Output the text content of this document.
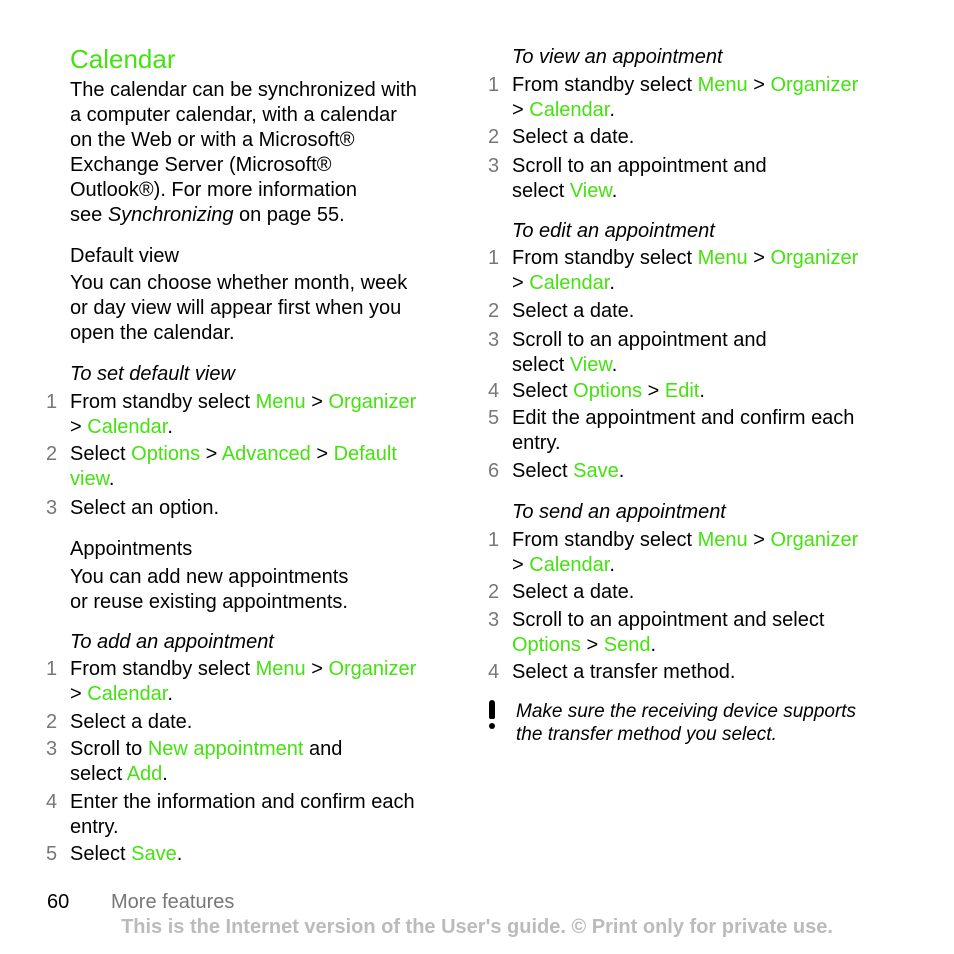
Calendar

The calendar can be synchronized with
a computer calendar, with a calendar
on the Web or with a Microsoft®
Exchange Server (Microsoft®
Outlook®). For more information
see Synchronizing on page 55.

Default view

You can choose whether month, week
or day view will appear first when you
open the calendar.

To set default view
1 From standby select Menu > Organizer
> Calendar.
2 Select Options > Advanced > Default
view.
3 Select an option.
Appointments

You can add new appointments
or reuse existing appointments.

To add an appointment
1 From standby select Menu > Organizer
> Calendar.
2 Select a date.
3 Scroll to New appointment and
select Add.
4 Enter the information and confirm each
entry.
5 Select Save.
To view an appointment
1 From standby select Menu > Organizer
> Calendar.
2 Select a date.
3 Scroll to an appointment and
select View.
To edit an appointment
1 From standby select Menu > Organizer
> Calendar.
2 Select a date.
3 Scroll to an appointment and
select View.
4 Select Options > Edit.
5 Edit the appointment and confirm each
entry.
6 Select Save.
To send an appointment
1 From standby select Menu > Organizer
> Calendar.
2 Select a date.
3 Scroll to an appointment and select
Options > Send.
4 Select a transfer method.
Make sure the receiving device supports
the transfer method you select.
60 More features
This is the Internet version of the User's guide. © Print only for private use.
